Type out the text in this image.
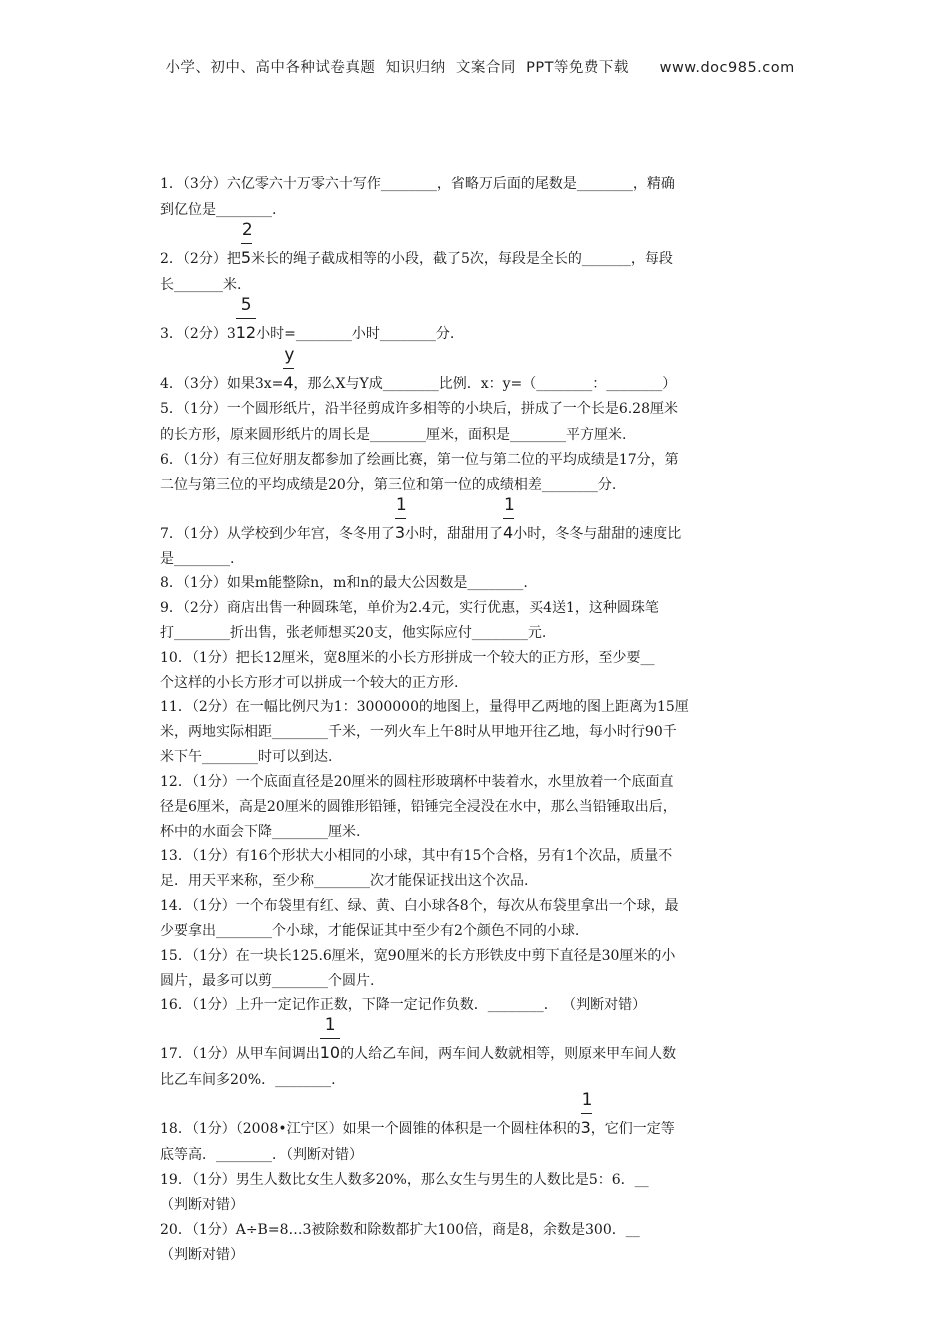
小学、初中、高中各种试卷真题  知识归纳  文案合同  PPT等免费下载 www.doc985.com

1．（3分）六亿零六十万零六十写作________，省略万后面的尾数是________，精确
到亿位是________.
2．（2分）把 $\frac{2}{5}$米长的绳子截成相等的小段，截了5次，每段是全长的_______，每段
长_______米.
3．（2分）$3 \frac{5}{12}$小时=________小时________分.
4．（3分）如果$3x= \frac{y}{4}$，那么X与Y成________比例．x：y=（________：________）
5．（1分）一个圆形纸片，沿半径剪成许多相等的小块后，拼成了一个长是6.28厘米
的长方形，原来圆形纸片的周长是________厘米，面积是________平方厘米.
6．（1分）有三位好朋友都参加了绘画比赛，第一位与第二位的平均成绩是17分，第
二位与第三位的平均成绩是20分，第三位和第一位的成绩相差________分.
7．（1分）从学校到少年宫，冬冬用了 $\frac{1}{3}$小时，甜甜用了 $\frac{1}{4}$小时，冬冬与甜甜的速度比
是________.
8．（1分）如果m能整除n，m和n的最大公因数是________.
9．（2分）商店出售一种圆珠笔，单价为2.4元，实行优惠，买4送1，这种圆珠笔
打________折出售，张老师想买20支，他实际应付________元.
10．（1分）把长12厘米，宽8厘米的小长方形拼成一个较大的正方形，至少要__
个这样的小长方形才可以拼成一个较大的正方形.
11．（2分）在一幅比例尺为1：3000000的地图上，量得甲乙两地的图上距离为15厘
米，两地实际相距________千米，一列火车上午8时从甲地开往乙地，每小时行90千
米下午________时可以到达.
12．（1分）一个底面直径是20厘米的圆柱形玻璃杯中装着水，水里放着一个底面直
径是6厘米，高是20厘米的圆锥形铅锤，铅锤完全浸没在水中，那么当铅锤取出后，
杯中的水面会下降________厘米.
13．（1分）有16个形状大小相同的小球，其中有15个合格，另有1个次品，质量不
足．用天平来称，至少称________次才能保证找出这个次品.
14．（1分）一个布袋里有红、绿、黄、白小球各8个，每次从布袋里拿出一个球，最
少要拿出________个小球，才能保证其中至少有2个颜色不同的小球.
15．（1分）在一块长125.6厘米，宽90厘米的长方形铁皮中剪下直径是30厘米的小
圆片，最多可以剪________个圆片.
16．（1分）上升一定记作正数，下降一定记作负数．________． （判断对错）
17．（1分）从甲车间调出 $\frac{1}{10}$的人给乙车间，两车间人数就相等，则原来甲车间人数
比乙车间多20%．________.
18．（1分）（2008•江宁区）如果一个圆锥的体积是一个圆柱体积的 $\frac{1}{3}$，它们一定等
底等高．________．（判断对错）
19．（1分）男生人数比女生人数多20%，那么女生与男生的人数比是5：6．__
（判断对错）
20．（1分）A÷B=8…3被除数和除数都扩大100倍，商是8，余数是300．__
（判断对错）
